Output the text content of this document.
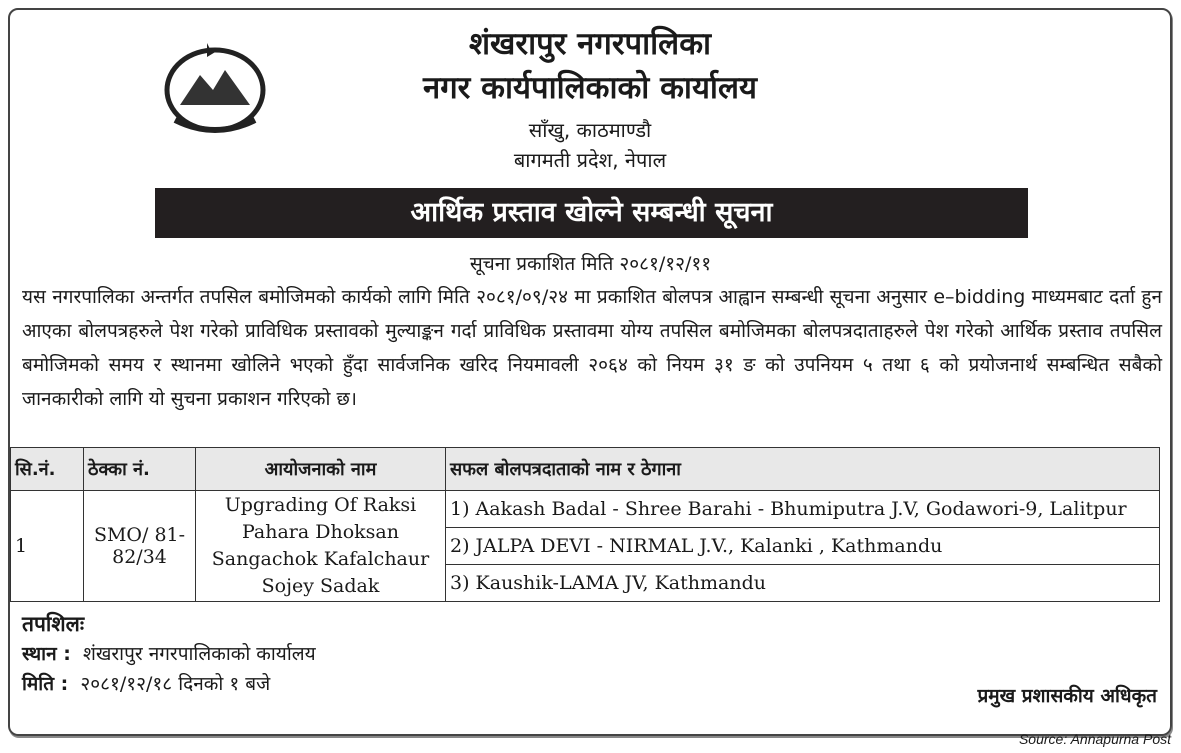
शंखरापुर नगरपालिका
नगर कार्यपालिकाको कार्यालय
साँखु, काठमाण्डौ
बागमती प्रदेश, नेपाल
आर्थिक प्रस्ताव खोल्ने सम्बन्धी सूचना
सूचना प्रकाशित मिति २०८१/१२/११
यस नगरपालिका अन्तर्गत तपसिल बमोजिमको कार्यको लागि मिति २०८१/०९/२४ मा प्रकाशित बोलपत्र आह्वान सम्बन्धी सूचना अनुसार e–bidding माध्यमबाट दर्ता हुन आएका बोलपत्रहरुले पेश गरेको प्राविधिक प्रस्तावको मुल्याङ्कन गर्दा प्राविधिक प्रस्तावमा योग्य तपसिल बमोजिमका बोलपत्रदाताहरुले पेश गरेको आर्थिक प्रस्ताव तपसिल बमोजिमको समय र स्थानमा खोलिने भएको हुँदा सार्वजनिक खरिद नियमावली २०६४ को नियम ३१ ङ को उपनियम ५ तथा ६ को प्रयोजनार्थ सम्बन्धित सबैको जानकारीको लागि यो सुचना प्रकाशन गरिएको छ।
सि.नं.	ठेक्का नं.	आयोजनाको नाम	सफल बोलपत्रदाताको नाम र ठेगाना
1	SMO/ 81-82/34	Upgrading Of Raksi Pahara Dhoksan Sangachok Kafalchaur Sojey Sadak	1) Aakash Badal - Shree Barahi - Bhumiputra J.V, Godawori-9, Lalitpur
			2) JALPA DEVI - NIRMAL J.V., Kalanki , Kathmandu
			3) Kaushik-LAMA JV, Kathmandu
तपशिलः
स्थान : शंखरापुर नगरपालिकाको कार्यालय
मिति : २०८१/१२/१८ दिनको १ बजे
प्रमुख प्रशासकीय अधिकृत
Source: Annapurna Post
